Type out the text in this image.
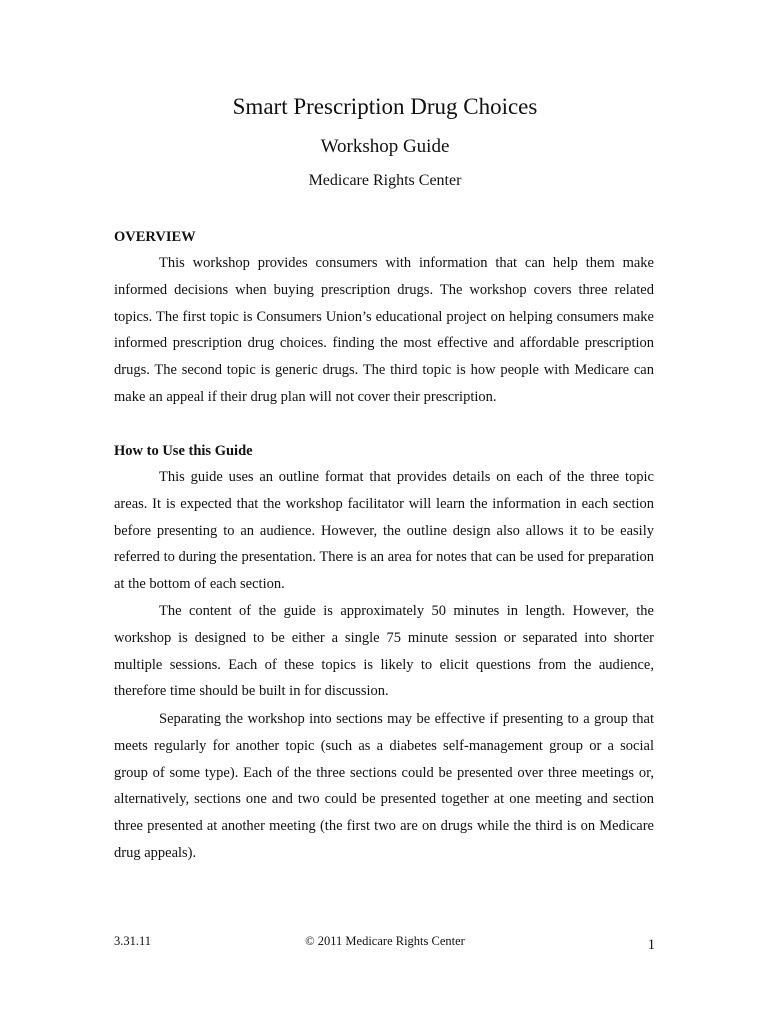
Smart Prescription Drug Choices
Workshop Guide
Medicare Rights Center
OVERVIEW

This workshop provides consumers with information that can help them make informed decisions when buying prescription drugs. The workshop covers three related topics. The first topic is Consumers Union’s educational project on helping consumers make informed prescription drug choices. finding the most effective and affordable prescription drugs. The second topic is generic drugs. The third topic is how people with Medicare can make an appeal if their drug plan will not cover their prescription.

How to Use this Guide

This guide uses an outline format that provides details on each of the three topic areas. It is expected that the workshop facilitator will learn the information in each section before presenting to an audience. However, the outline design also allows it to be easily referred to during the presentation. There is an area for notes that can be used for preparation at the bottom of each section.

The content of the guide is approximately 50 minutes in length. However, the workshop is designed to be either a single 75 minute session or separated into shorter multiple sessions. Each of these topics is likely to elicit questions from the audience, therefore time should be built in for discussion.

Separating the workshop into sections may be effective if presenting to a group that meets regularly for another topic (such as a diabetes self-management group or a social group of some type). Each of the three sections could be presented over three meetings or, alternatively, sections one and two could be presented together at one meeting and section three presented at another meeting (the first two are on drugs while the third is on Medicare drug appeals).

3.31.11	© 2011 Medicare Rights Center	1
